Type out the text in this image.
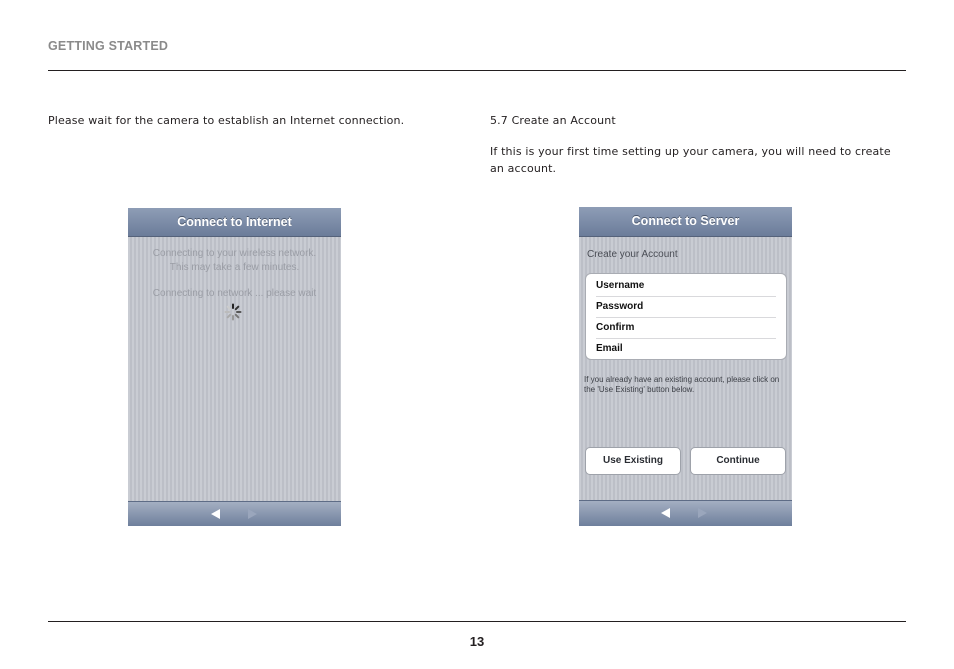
GETTING STARTED
Please wait for the camera to establish an Internet connection.
Connect to Internet
Connecting to your wireless network.
This may take a few minutes.
Connecting to network ... please wait
5.7 Create an Account
If this is your first time setting up your camera, you will need to create an account.
Connect to Server
Create your Account
Username
Password
Confirm
Email
If you already have an existing account, please click on the 'Use Existing' button below.
Use Existing	Continue
13
